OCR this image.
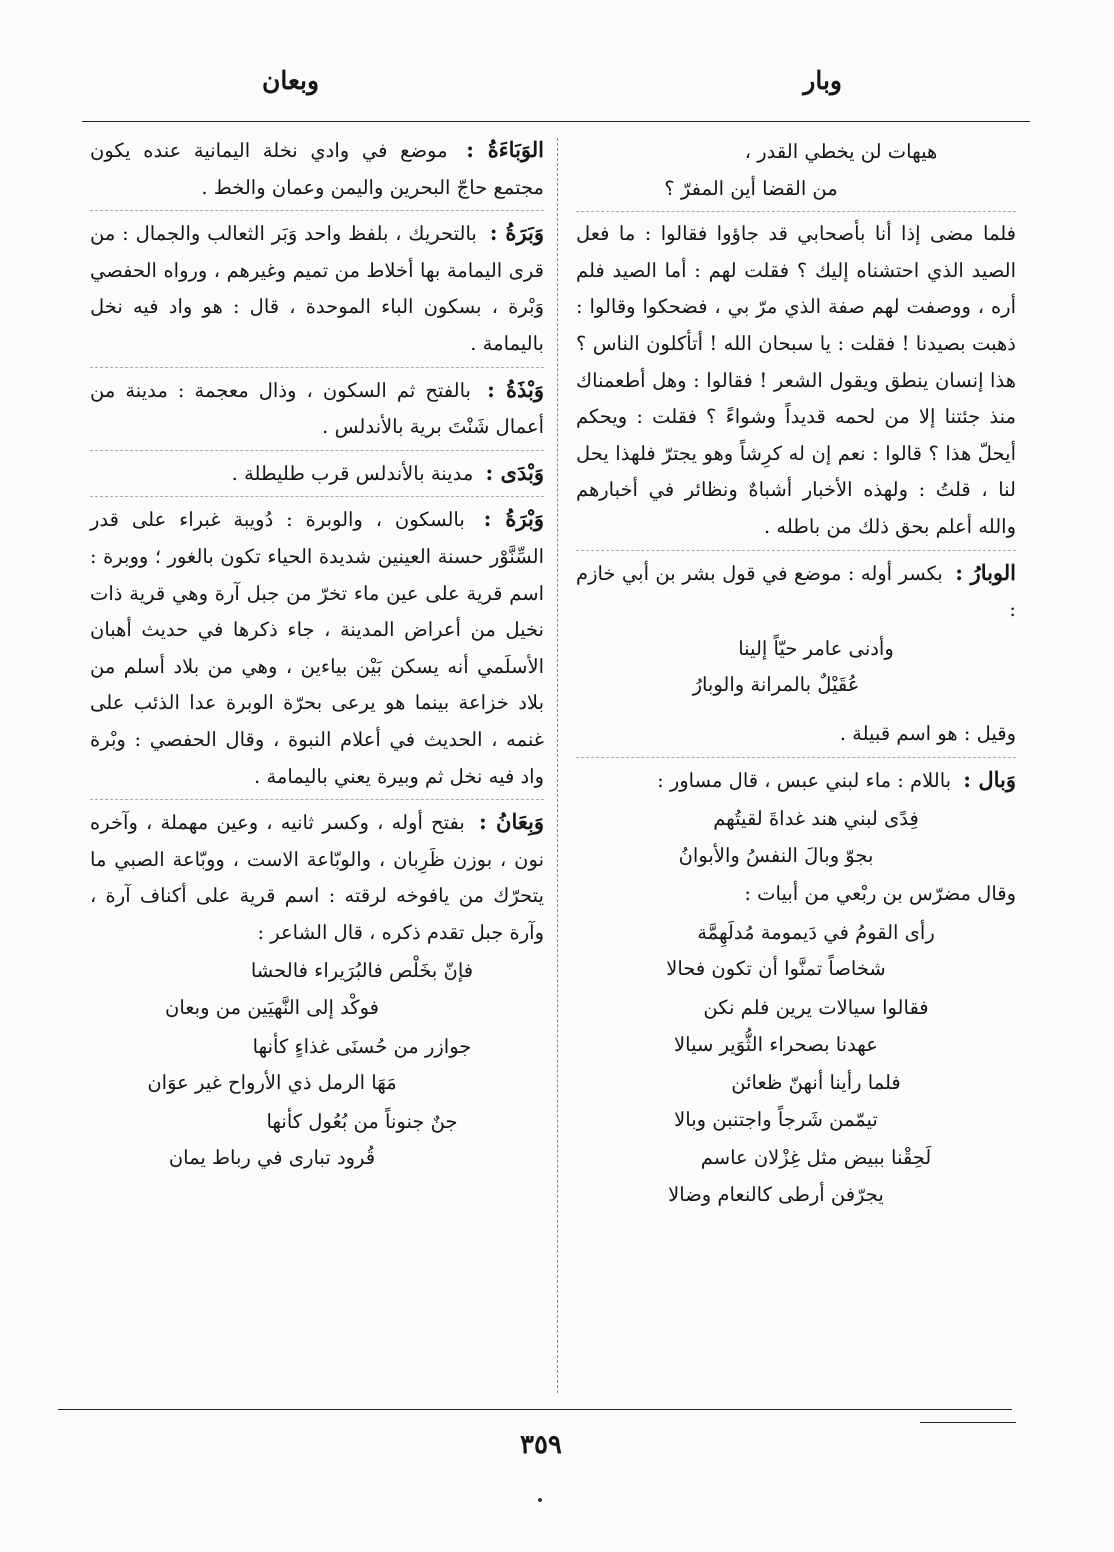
وبار
وبعان
هيهات لن يخطي القدر ،
من القضا أين المفرّ ؟

فلما مضى إذا أنا بأصحابي قد جاؤوا فقالوا : ما فعل الصيد الذي احتشناه إليك ؟ فقلت لهم : أما الصيد فلم أره ، ووصفت لهم صفة الذي مرّ بي ، فضحكوا وقالوا : ذهبت بصيدنا ! فقلت : يا سبحان الله ! أتأكلون الناس ؟ هذا إنسان ينطق ويقول الشعر ! فقالوا : وهل أطعمناك منذ جئتنا إلا من لحمه قديداً وشواءً ؟ فقلت : ويحكم أيحلّ هذا ؟ قالوا : نعم إن له كرِشاً وهو يجترّ فلهذا يحل لنا ، قلتُ : ولهذه الأخبار أشباهٌ ونظائر في أخبارهم والله أعلم بحق ذلك من باطله .

الوبارُ : بكسر أوله : موضع في قول بشر بن أبي خازم :

وأدنى عامر حيّاً إلينا
عُقَيْلٌ بالمرانة والوبارُ

وقيل : هو اسم قبيلة .

وَبال : باللام : ماء لبني عبس ، قال مساور :

فِدًى لبني هند غداةَ لقيتُهم
بجوّ وبالَ النفسُ والأبوانُ

وقال مضرّس بن ربْعي من أبيات :

رأى القومُ في دَيمومة مُدلَهِمَّة
شخاصاً تمنَّوا أن تكون فحالا
فقالوا سيالات يرين فلم نكن
عهدنا بصحراء الثُّوَير سيالا
فلما رأينا أنهنّ ظعائن
تيمّمن شَرجاً واجتنبن وبالا
لَحِقْنا ببيض مثل غِزْلان عاسم
يجرّفن أرطى كالنعام وضالا

الوَبَاءَةُ : موضع في وادي نخلة اليمانية عنده يكون مجتمع حاجّ البحرين واليمن وعمان والخط .

وَبَرَةُ : بالتحريك ، بلفظ واحد وَبَر الثعالب والجمال : من قرى اليمامة بها أخلاط من تميم وغيرهم ، ورواه الحفصي وَبْرة ، بسكون الباء الموحدة ، قال : هو واد فيه نخل باليمامة .

وَبْذَةُ : بالفتح ثم السكون ، وذال معجمة : مدينة من أعمال شَنْتَ برية بالأندلس .

وَبْدَى : مدينة بالأندلس قرب طليطلة .

وَبْرَةُ : بالسكون ، والوبرة : دُويبة غبراء على قدر السِّنَّوْر حسنة العينين شديدة الحياء تكون بالغور ؛ ووبرة : اسم قرية على عين ماء تخرّ من جبل آرة وهي قرية ذات نخيل من أعراض المدينة ، جاء ذكرها في حديث أهبان الأسلَمي أنه يسكن بَيْن بياءين ، وهي من بلاد أسلم من بلاد خزاعة بينما هو يرعى بحرّة الوبرة عدا الذئب على غنمه ، الحديث في أعلام النبوة ، وقال الحفصي : وبْرة واد فيه نخل ثم وبيرة يعني باليمامة .

وَبِعَانُ : بفتح أوله ، وكسر ثانيه ، وعين مهملة ، وآخره نون ، بوزن ظَرِبان ، والوبّاعة الاست ، ووبّاعة الصبي ما يتحرّك من يافوخه لرقته : اسم قرية على أكناف آرة ، وآرة جبل تقدم ذكره ، قال الشاعر :

فإنّ بخَلْص فالبُرَيراء فالحشا
فوكْد إلى النَّهيَين من وبعان
جوازر من حُسنَى غذاءٍ كأنها
مَهَا الرمل ذي الأرواح غير عوَان
جنٌ جنوناً من بُعُول كأنها
قُرود تبارى في رباط يمان
٣٥٩
